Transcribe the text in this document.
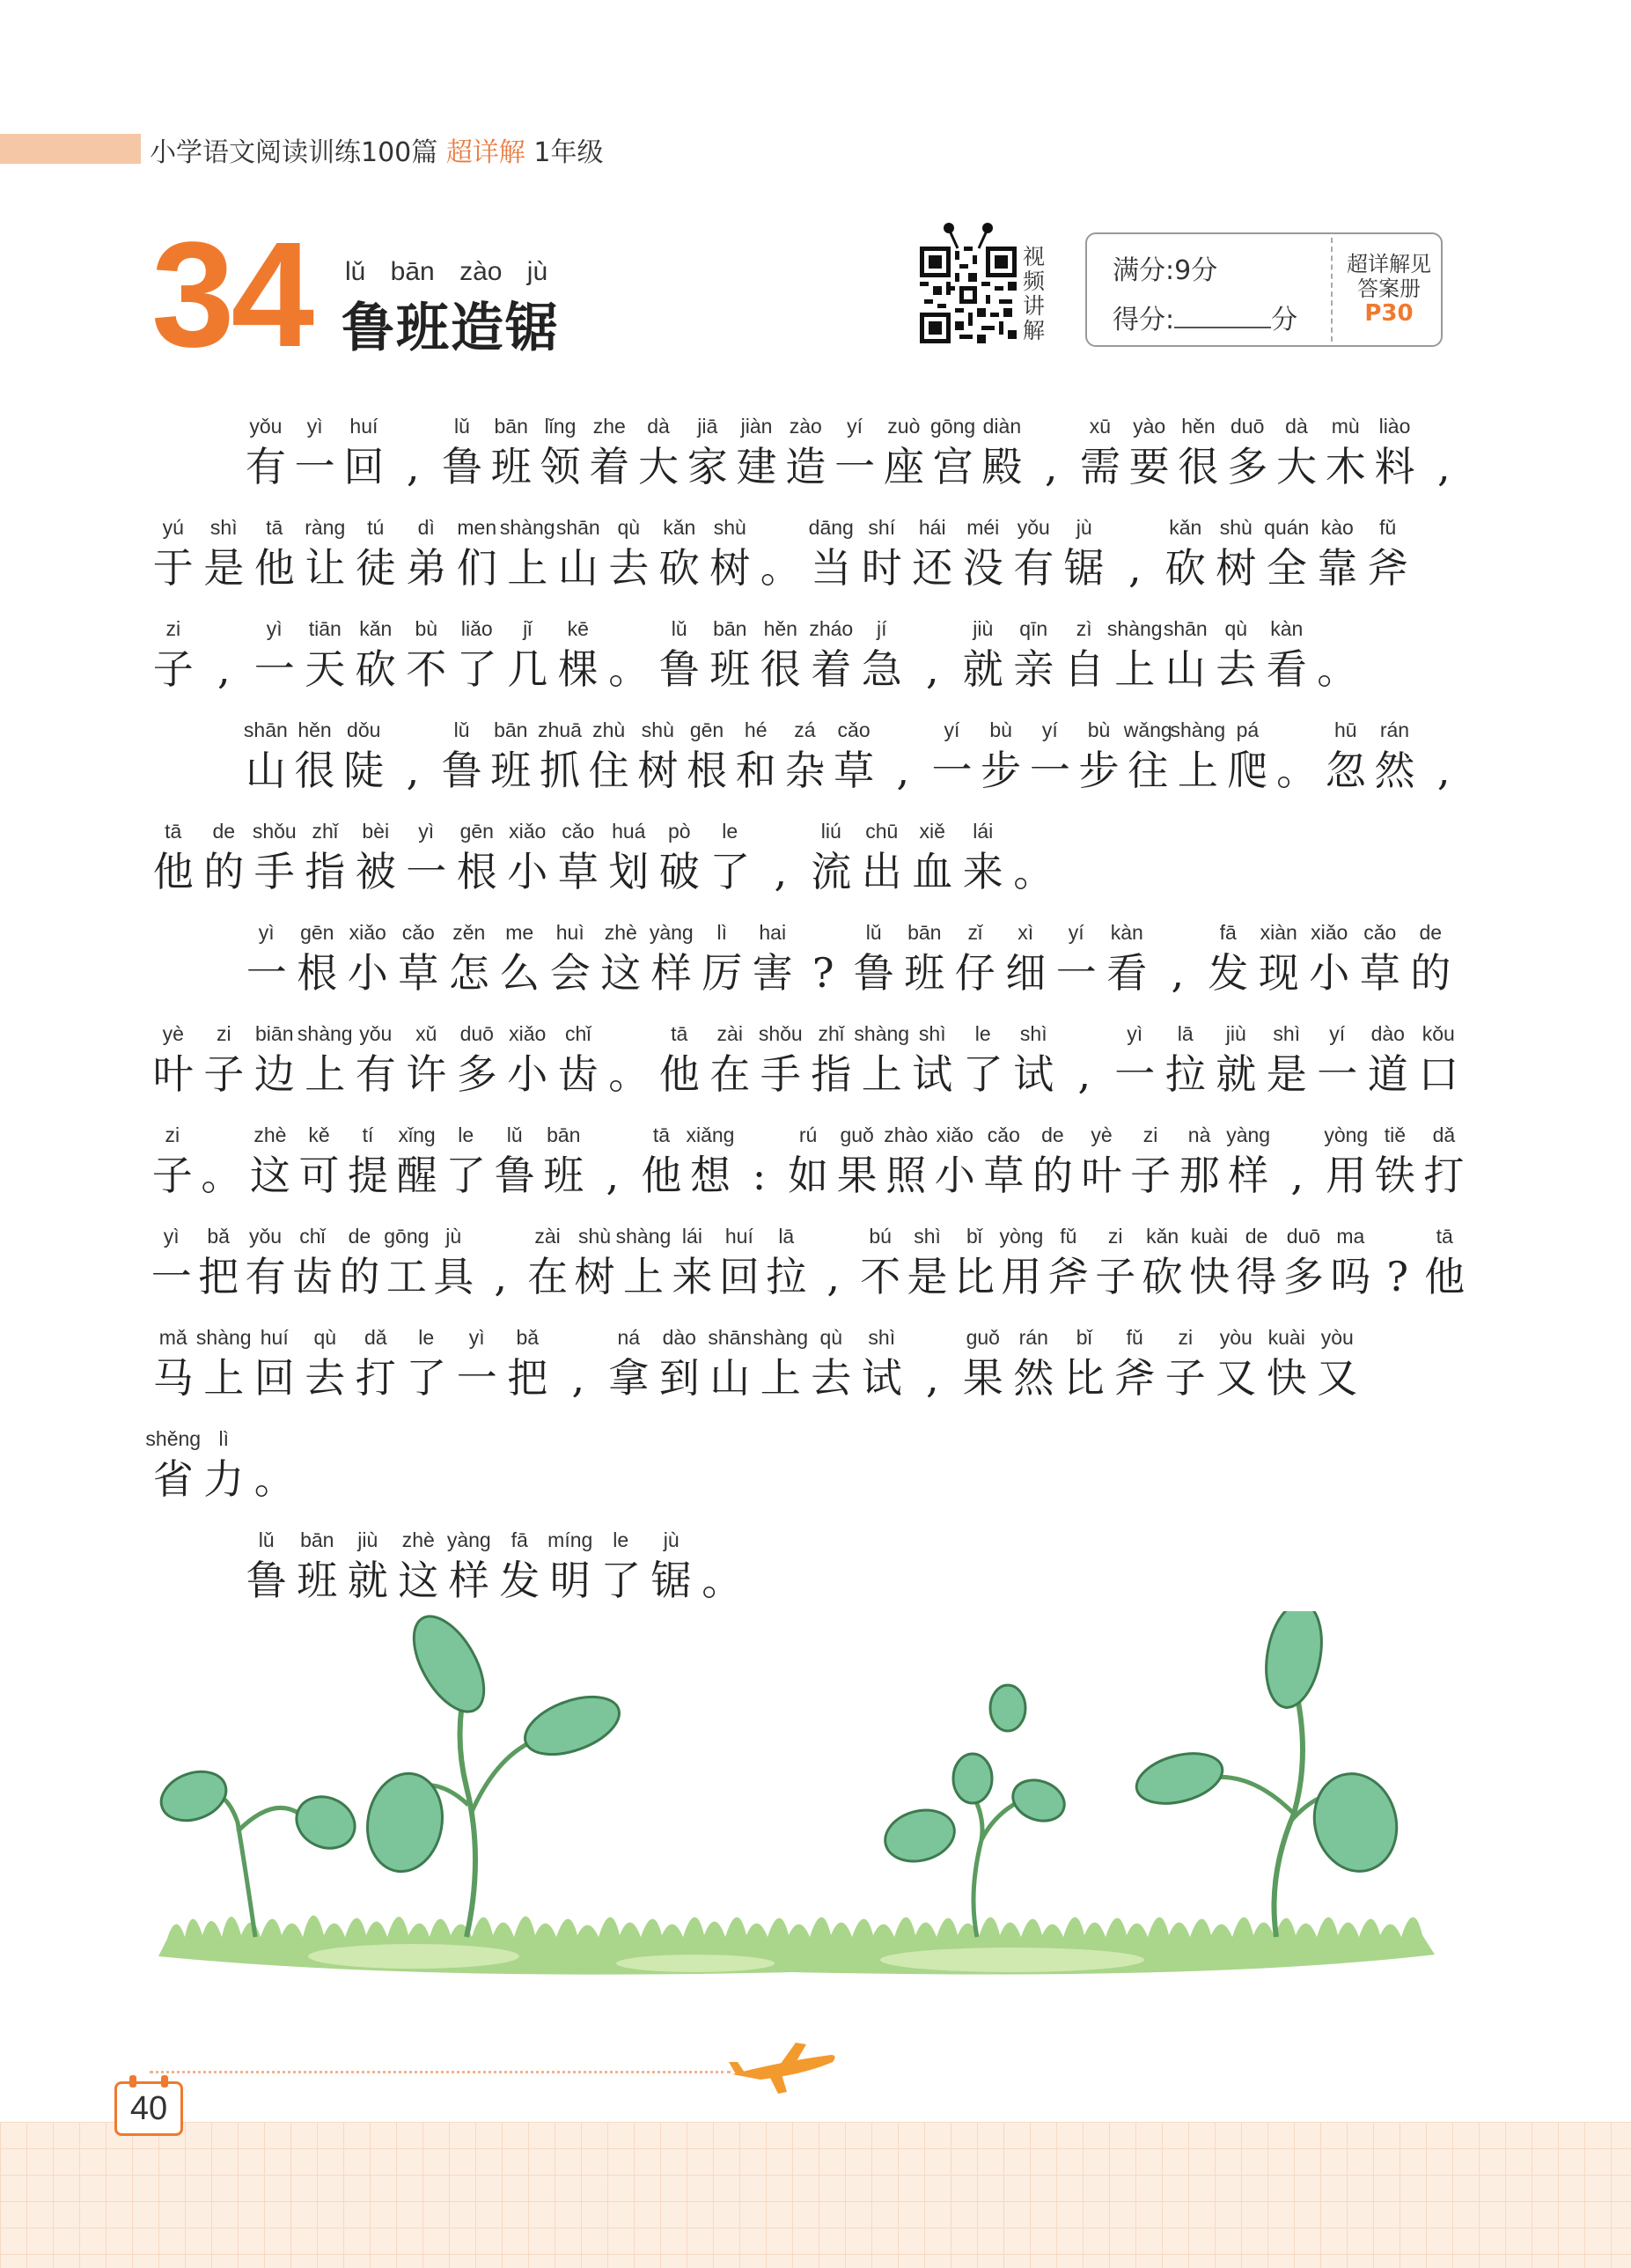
小学语文阅读训练100篇 超详解 1年级
34 lǔ bān zào jù
鲁班造锯
视频讲解
满分:9分
得分:	分
超详解见答案册
P30
yǒu
有
yì
一
huí
回 ,
lǔ
鲁
bān
班
lǐng
领
zhe
着
dà
大
jiā
家
jiàn
建
zào
造
yí
一
zuò
座
gōng
宫
diàn
殿 ,
xū
需
yào
要
hěn
很
duō
多
dà
大
mù
木
liào
料 ,
yú
于
shì
是
tā
他
ràng
让
tú
徒
dì
弟
men
们
shàng
上
shān
山
qù
去
kǎn
砍
shù
树 。
dāng
当
shí
时
hái
还
méi
没
yǒu
有
jù
锯 ,
kǎn
砍
shù
树
quán
全
kào
靠
fǔ
斧
zi
子 ,
yì
一
tiān
天
kǎn
砍
bù
不
liǎo
了
jǐ
几
kē
棵 。
lǔ
鲁
bān
班
hěn
很
zháo
着
jí
急 ,
jiù
就
qīn
亲
zì
自
shàng
上
shān
山
qù
去
kàn
看 。
shān
山
hěn
很
dǒu
陡 ,
lǔ
鲁
bān
班
zhuā
抓
zhù
住
shù
树
gēn
根
hé
和
zá
杂
cǎo
草 ,
yí
一
bù
步
yí
一
bù
步
wǎng
往
shàng
上
pá
爬 。
hū
忽
rán
然 ,
tā
他
de
的
shǒu
手
zhǐ
指
bèi
被
yì
一
gēn
根
xiǎo
小
cǎo
草
huá
划
pò
破
le
了 ,
liú
流
chū
出
xiě
血
lái
来 。
yì
一
gēn
根
xiǎo
小
cǎo
草
zěn
怎
me
么
huì
会
zhè
这
yàng
样
lì
厉
hai
害 ?
lǔ
鲁
bān
班
zǐ
仔
xì
细
yí
一
kàn
看 ,
fā
发
xiàn
现
xiǎo
小
cǎo
草
de
的
yè
叶
zi
子
biān
边
shàng
上
yǒu
有
xǔ
许
duō
多
xiǎo
小
chǐ
齿 。
tā
他
zài
在
shǒu
手
zhǐ
指
shàng
上
shì
试
le
了
shì
试 ,
yì
一
lā
拉
jiù
就
shì
是
yí
一
dào
道
kǒu
口
zi
子 。
zhè
这
kě
可
tí
提
xǐng
醒
le
了
lǔ
鲁
bān
班 ,
tā
他
xiǎng
想 :
rú
如
guǒ
果
zhào
照
xiǎo
小
cǎo
草
de
的
yè
叶
zi
子
nà
那
yàng
样 ,
yòng
用
tiě
铁
dǎ
打
yì
一
bǎ
把
yǒu
有
chǐ
齿
de
的
gōng
工
jù
具 ,
zài
在
shù
树
shàng
上
lái
来
huí
回
lā
拉 ,
bú
不
shì
是
bǐ
比
yòng
用
fǔ
斧
zi
子
kǎn
砍
kuài
快
de
得
duō
多
ma
吗 ?
tā
他
mǎ
马
shàng
上
huí
回
qù
去
dǎ
打
le
了
yì
一
bǎ
把 ,
ná
拿
dào
到
shān
山
shàng
上
qù
去
shì
试 ,
guǒ
果
rán
然
bǐ
比
fǔ
斧
zi
子
yòu
又
kuài
快
yòu
又
shěng
省
lì
力 。
lǔ
鲁
bān
班
jiù
就
zhè
这
yàng
样
fā
发
míng
明
le
了
jù
锯 。
40
